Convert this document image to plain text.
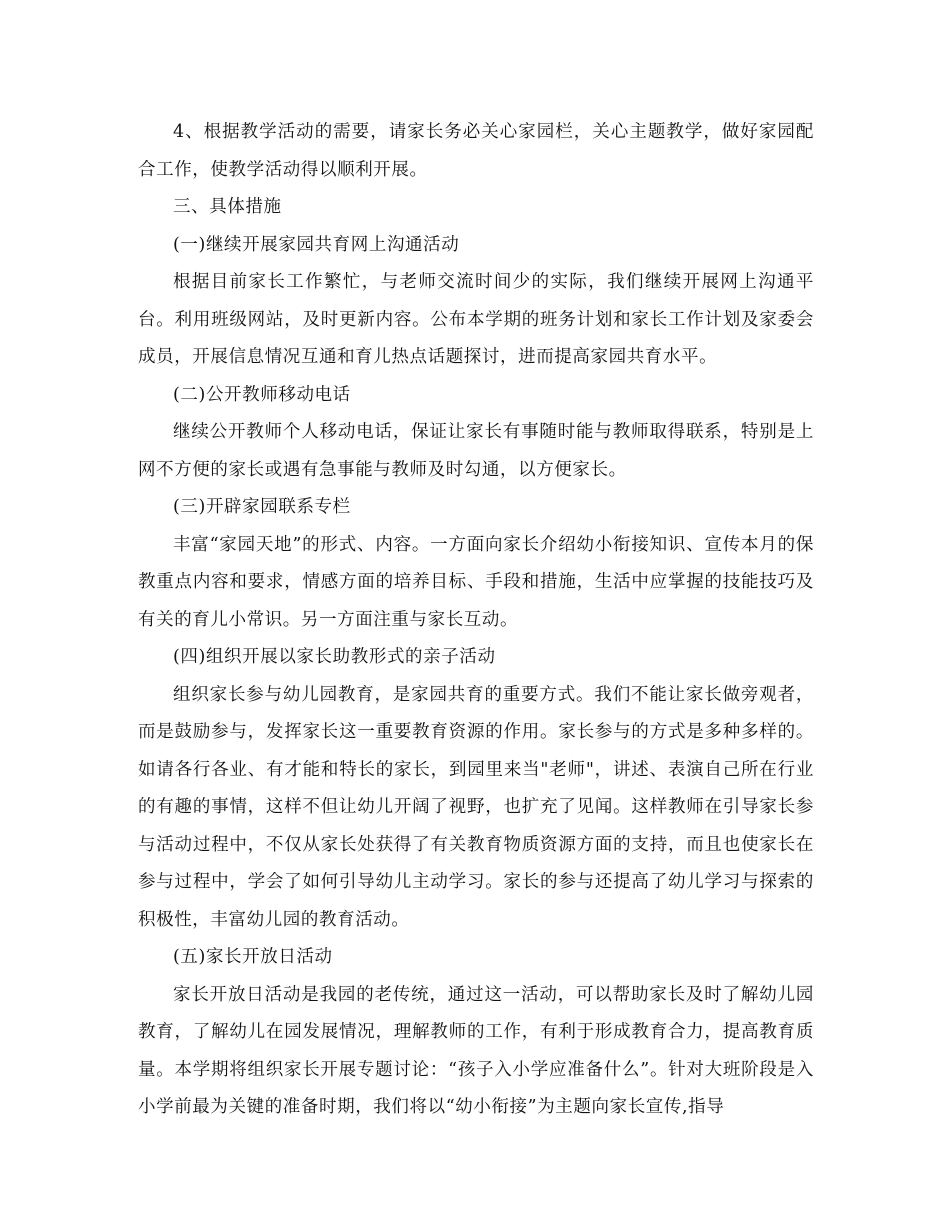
4、根据教学活动的需要，请家长务必关心家园栏，关心主题教学，做好家园配合工作，使教学活动得以顺利开展。

三、具体措施

(一)继续开展家园共育网上沟通活动

根据目前家长工作繁忙，与老师交流时间少的实际，我们继续开展网上沟通平台。利用班级网站，及时更新内容。公布本学期的班务计划和家长工作计划及家委会成员，开展信息情况互通和育儿热点话题探讨，进而提高家园共育水平。

(二)公开教师移动电话

继续公开教师个人移动电话，保证让家长有事随时能与教师取得联系，特别是上网不方便的家长或遇有急事能与教师及时勾通，以方便家长。

(三)开辟家园联系专栏

丰富“家园天地”的形式、内容。一方面向家长介绍幼小衔接知识、宣传本月的保教重点内容和要求，情感方面的培养目标、手段和措施，生活中应掌握的技能技巧及有关的育儿小常识。另一方面注重与家长互动。

(四)组织开展以家长助教形式的亲子活动

组织家长参与幼儿园教育，是家园共育的重要方式。我们不能让家长做旁观者，而是鼓励参与，发挥家长这一重要教育资源的作用。家长参与的方式是多种多样的。如请各行各业、有才能和特长的家长，到园里来当"老师"，讲述、表演自己所在行业的有趣的事情，这样不但让幼儿开阔了视野，也扩充了见闻。这样教师在引导家长参与活动过程中，不仅从家长处获得了有关教育物质资源方面的支持，而且也使家长在参与过程中，学会了如何引导幼儿主动学习。家长的参与还提高了幼儿学习与探索的积极性，丰富幼儿园的教育活动。

(五)家长开放日活动

家长开放日活动是我园的老传统，通过这一活动，可以帮助家长及时了解幼儿园教育，了解幼儿在园发展情况，理解教师的工作，有利于形成教育合力，提高教育质量。本学期将组织家长开展专题讨论：“孩子入小学应准备什么”。针对大班阶段是入小学前最为关键的准备时期，我们将以“幼小衔接”为主题向家长宣传,指导
